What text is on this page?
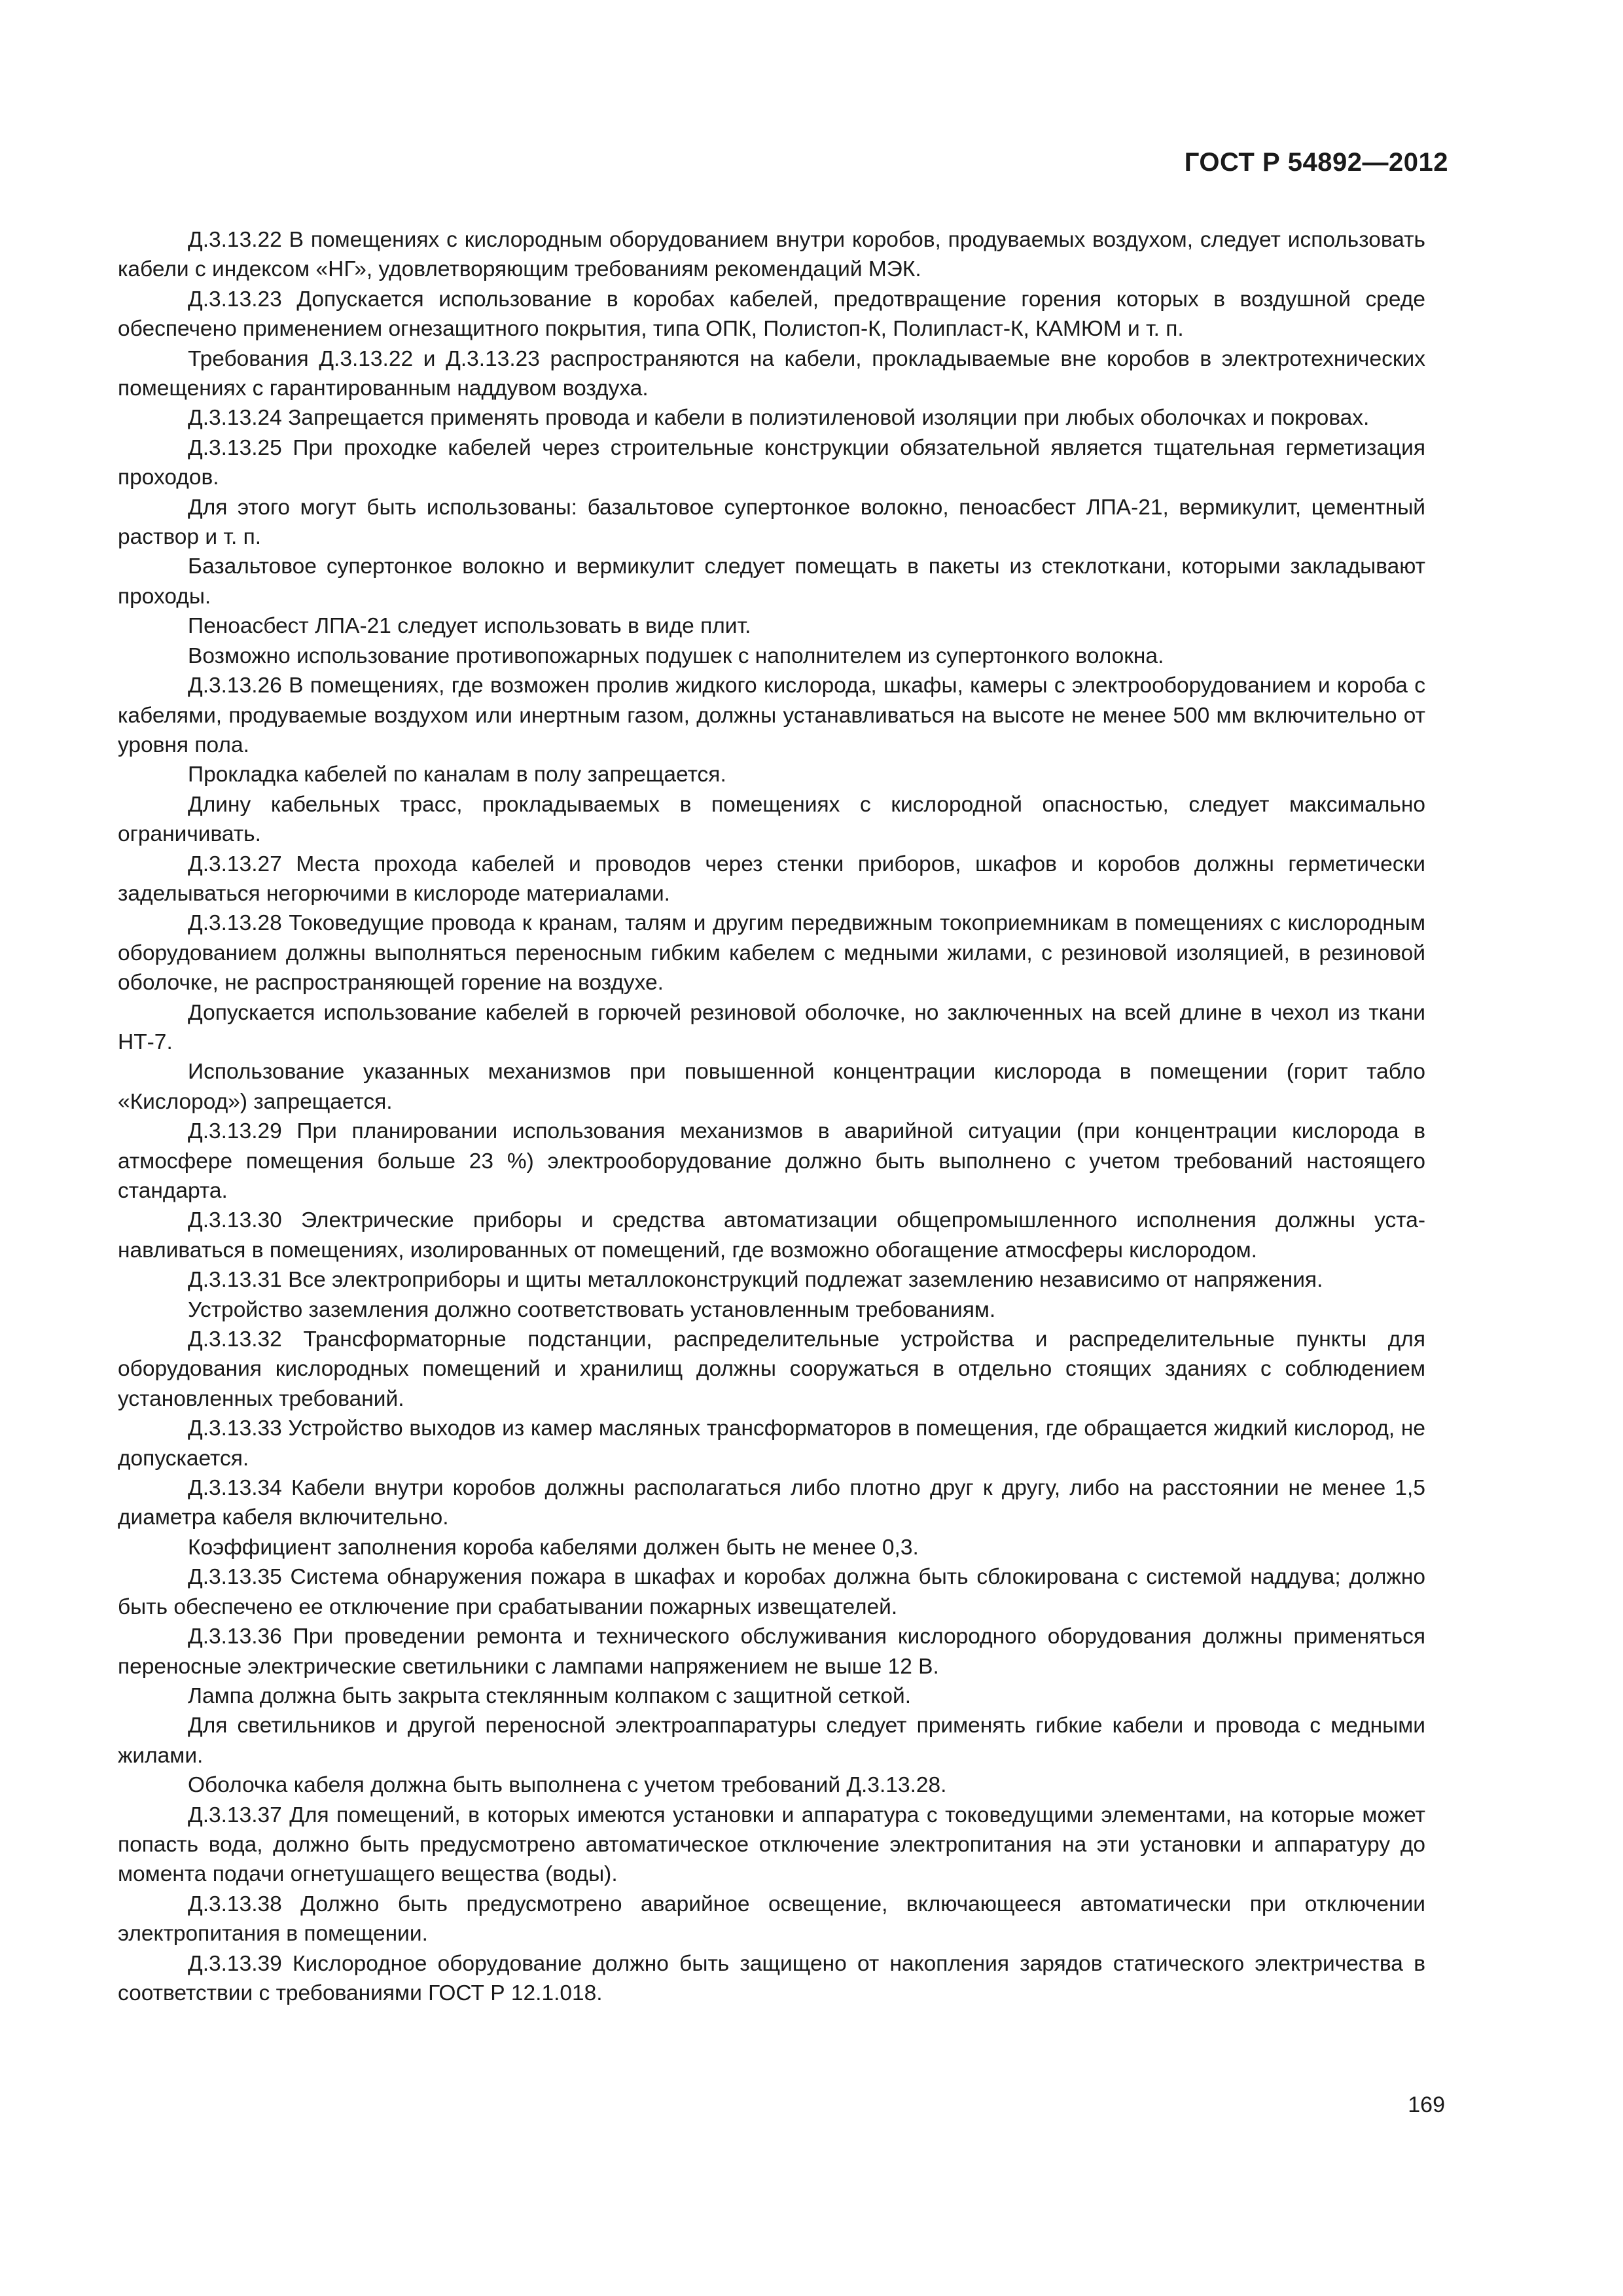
ГОСТ Р 54892—2012

Д.3.13.22 В помещениях с кислородным оборудованием внутри коробов, продуваемых воздухом, следует использовать кабели с индексом «НГ», удовлетворяющим требованиям рекомендаций МЭК.

Д.3.13.23 Допускается использование в коробах кабелей, предотвращение горения которых в воздушной среде обеспечено применением огнезащитного покрытия, типа ОПК, Полистоп-К, Полипласт-К, КАМЮМ и т. п.

Требования Д.3.13.22 и Д.3.13.23 распространяются на кабели, прокладываемые вне коробов в электротехнических помещениях с гарантированным наддувом воздуха.

Д.3.13.24 Запрещается применять провода и кабели в полиэтиленовой изоляции при любых оболочках и покровах.

Д.3.13.25 При проходке кабелей через строительные конструкции обязательной является тщательная герметизация проходов.

Для этого могут быть использованы: базальтовое супертонкое волокно, пеноасбест ЛПА-21, вермикулит, цементный раствор и т. п.

Базальтовое супертонкое волокно и вермикулит следует помещать в пакеты из стеклоткани, которыми закладывают проходы.

Пеноасбест ЛПА-21 следует использовать в виде плит.

Возможно использование противопожарных подушек с наполнителем из супертонкого волокна.

Д.3.13.26 В помещениях, где возможен пролив жидкого кислорода, шкафы, камеры с электрооборудованием и короба с кабелями, продуваемые воздухом или инертным газом, должны устанавливаться на высоте не менее 500 мм включительно от уровня пола.

Прокладка кабелей по каналам в полу запрещается.

Длину кабельных трасс, прокладываемых в помещениях с кислородной опасностью, следует максимально ограничивать.

Д.3.13.27 Места прохода кабелей и проводов через стенки приборов, шкафов и коробов должны герметически заделываться негорючими в кислороде материалами.

Д.3.13.28 Токоведущие провода к кранам, талям и другим передвижным токоприемникам в помещениях с кислородным оборудованием должны выполняться переносным гибким кабелем с медными жилами, с резиновой изоляцией, в резиновой оболочке, не распространяющей горение на воздухе.

Допускается использование кабелей в горючей резиновой оболочке, но заключенных на всей длине в чехол из ткани НТ-7.

Использование указанных механизмов при повышенной концентрации кислорода в помещении (горит табло «Кислород») запрещается.

Д.3.13.29 При планировании использования механизмов в аварийной ситуации (при концентрации кислорода в атмосфере помещения больше 23 %) электрооборудование должно быть выполнено с учетом требований настоящего стандарта.

Д.3.13.30 Электрические приборы и средства автоматизации общепромышленного исполнения должны устанавливаться в помещениях, изолированных от помещений, где возможно обогащение атмосферы кислородом.

Д.3.13.31 Все электроприборы и щиты металлоконструкций подлежат заземлению независимо от напряжения.

Устройство заземления должно соответствовать установленным требованиям.

Д.3.13.32 Трансформаторные подстанции, распределительные устройства и распределительные пункты для оборудования кислородных помещений и хранилищ должны сооружаться в отдельно стоящих зданиях с соблюдением установленных требований.

Д.3.13.33 Устройство выходов из камер масляных трансформаторов в помещения, где обращается жидкий кислород, не допускается.

Д.3.13.34 Кабели внутри коробов должны располагаться либо плотно друг к другу, либо на расстоянии не менее 1,5 диаметра кабеля включительно.

Коэффициент заполнения короба кабелями должен быть не менее 0,3.

Д.3.13.35 Система обнаружения пожара в шкафах и коробах должна быть сблокирована с системой наддува; должно быть обеспечено ее отключение при срабатывании пожарных извещателей.

Д.3.13.36 При проведении ремонта и технического обслуживания кислородного оборудования должны применяться переносные электрические светильники с лампами напряжением не выше 12 В.

Лампа должна быть закрыта стеклянным колпаком с защитной сеткой.

Для светильников и другой переносной электроаппаратуры следует применять гибкие кабели и провода с медными жилами.

Оболочка кабеля должна быть выполнена с учетом требований Д.3.13.28.

Д.3.13.37 Для помещений, в которых имеются установки и аппаратура с токоведущими элементами, на которые может попасть вода, должно быть предусмотрено автоматическое отключение электропитания на эти установки и аппаратуру до момента подачи огнетушащего вещества (воды).

Д.3.13.38 Должно быть предусмотрено аварийное освещение, включающееся автоматически при отключении электропитания в помещении.

Д.3.13.39 Кислородное оборудование должно быть защищено от накопления зарядов статического электричества в соответствии с требованиями ГОСТ Р 12.1.018.

169
